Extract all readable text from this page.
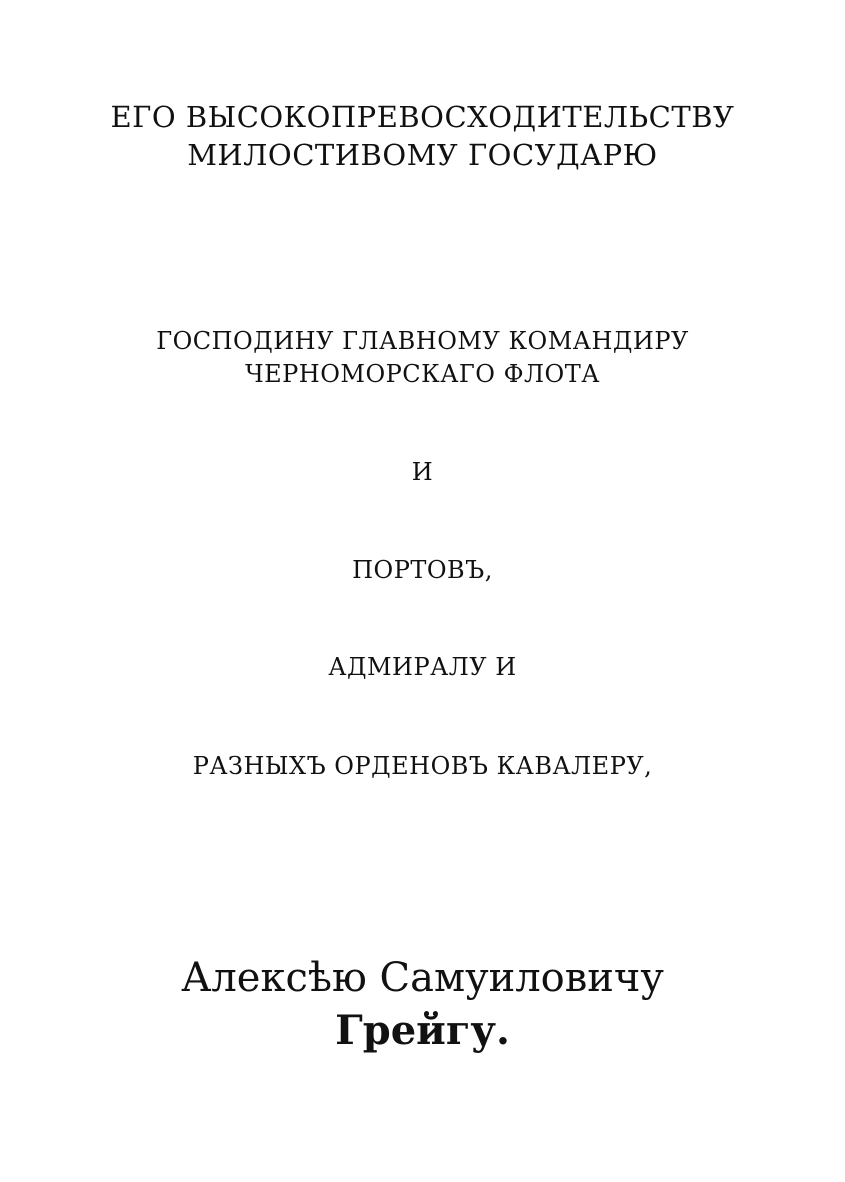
ЕГО ВЫСОКОПРЕВОСХОДИТЕЛЬСТВУ

МИЛОСТИВОМУ ГОСУДАРЮ

ГОСПОДИНУ ГЛАВНОМУ КОМАНДИРУ

ЧЕРНОМОРСКАГО ФЛОТА

И

ПОРТОВЪ,

АДМИРАЛУ И

РАЗНЫХЪ ОРДЕНОВЪ КАВАЛЕРУ,

Алексѣю Самуиловичу

Грейгу.
